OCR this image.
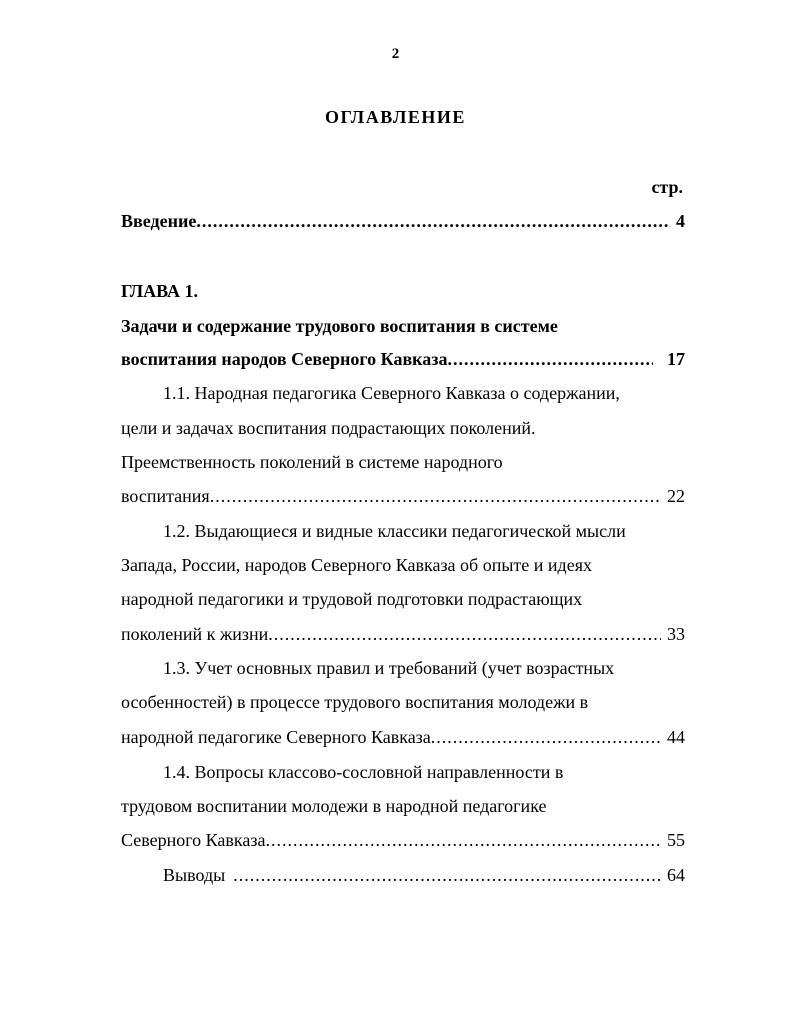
2
ОГЛАВЛЕНИЕ
стр.
Введение .....	4
ГЛАВА 1.
Задачи и содержание трудового воспитания в системе
воспитания народов Северного Кавказа .....	17
1.1. Народная педагогика Северного Кавказа о содержании,
цели и задачах воспитания подрастающих поколений.
Преемственность поколений в системе народного
воспитания .....	22
1.2. Выдающиеся и видные классики педагогической мысли
Запада, России, народов Северного Кавказа об опыте и идеях
народной педагогики и трудовой подготовки подрастающих
поколений к жизни .....	33
1.3. Учет основных правил и требований (учет возрастных
особенностей) в процессе трудового воспитания молодежи в
народной педагогике Северного Кавказа .....	44
1.4. Вопросы классово-сословной направленности в
трудовом воспитании молодежи в народной педагогике
Северного Кавказа .....	55
Выводы .....	64
